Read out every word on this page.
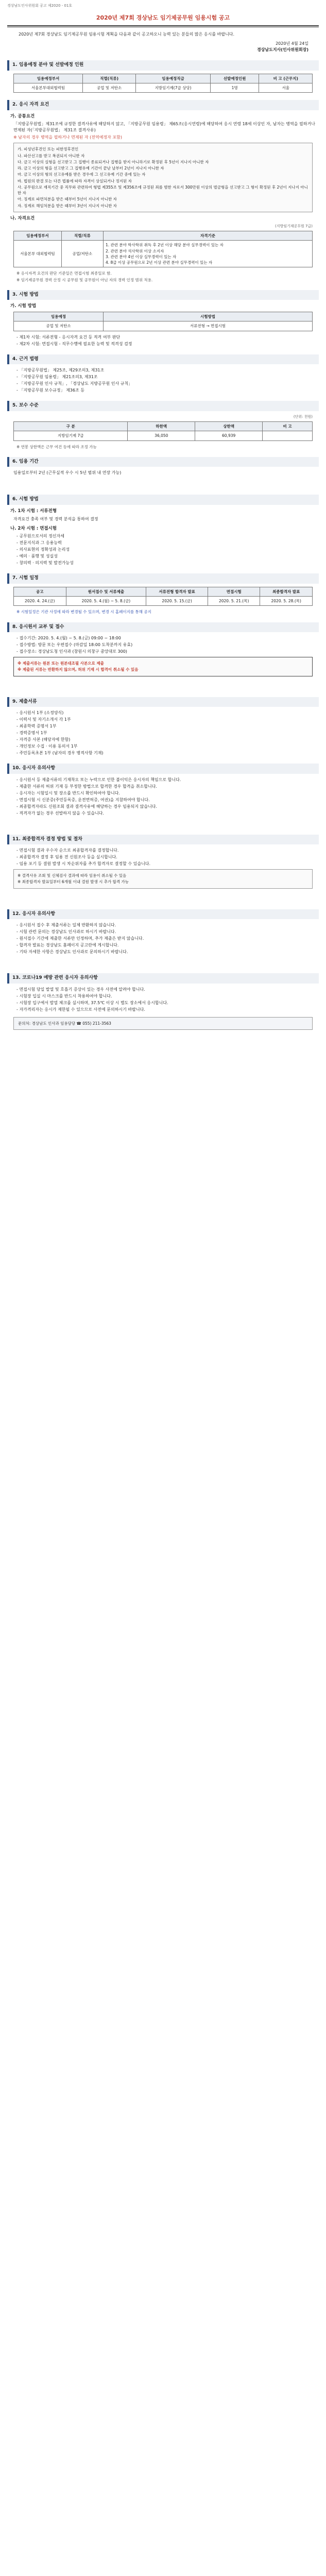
경상남도인사위원회 공고 제2020 - 01호
2020년 제7회 경상남도 임기제공무원 임용시험 공고

2020년 제7회 경상남도 임기제공무원 임용시험 계획을 다음과 같이 공고하오니 능력 있는 분들의 많은 응시를 바랍니다.

2020년 4월 24일
경상남도지사(인사위원회장)
1. 임용예정 분야 및 선발예정 인원
임용예정부서	직렬(직류)	임용예정직급	선발예정인원	비 고 (근무지)
서울본부대외협력팀	공업 및 저탄소	지방임기제(7급 상당)	1명	서울
2. 응시 자격 요건
가. 공통요건

「지방공무원법」제31조에 규정한 결격사유에 해당하지 않고, 「지방공무원 임용령」 제65조(응시연령)에 해당하여 응시 연령 18세 이상인 자, 남자는 병역을 필하거나 면제된 자(「지방공무원법」 제31조 결격사유)

※ 남자의 경우 병역을 필하거나 면제된 자 (전역예정자 포함)

가. 피성년후견인 또는 피한정후견인
나. 파산선고를 받고 복권되지 아니한 자
다. 금고 이상의 실형을 선고받고 그 집행이 종료되거나 집행을 받지 아니하기로 확정된 후 5년이 지나지 아니한 자
라. 금고 이상의 형을 선고받고 그 집행유예 기간이 끝난 날부터 2년이 지나지 아니한 자
마. 금고 이상의 형의 선고유예를 받은 경우에 그 선고유예 기간 중에 있는 자
바. 법원의 판결 또는 다른 법률에 따라 자격이 상실되거나 정지된 자
사. 공무원으로 재직기간 중 직무와 관련하여 형법 제355조 및 제356조에 규정된 죄를 범한 자로서 300만원 이상의 벌금형을 선고받고 그 형이 확정된 후 2년이 지나지 아니한 자
아. 징계로 파면처분을 받은 때부터 5년이 지나지 아니한 자
자. 징계로 해임처분을 받은 때부터 3년이 지나지 아니한 자
나. 자격요건
(지방임기제공무원 7급)
임용예정부서	직렬/직류	자격기준
서울본부 대외협력팀	공업/저탄소	1. 관련 분야 학사학위 취득 후 2년 이상 해당 분야 실무경력이 있는 자
2. 관련 분야 석사학위 이상 소지자
3. 관련 분야 4년 이상 실무경력이 있는 자
4. 8급 이상 공무원으로 2년 이상 관련 분야 실무경력이 있는 자
※ 응시자격 요건의 판단 기준일은 면접시험 최종일로 함.
※ 임기제공무원 경력 산정 시 공무원 및 공무원이 아닌 자의 경력 인정 범위 적용.
3. 시험 방법
가. 시험 방법
임용예정	시험방법
공업 및 저탄소	서류전형 → 면접시험
- 제1차 시험: 서류전형 - 응시자격 요건 등 적격 여부 판단
- 제2차 시험: 면접시험 - 직무수행에 필요한 능력 및 적격성 검정
4. 근거 법령
- 「지방공무원법」 제25조, 제29조의3, 제31조
- 「지방공무원 임용령」 제21조의3, 제31조
- 「지방공무원 인사 규칙」, 「경상남도 지방공무원 인사 규칙」
- 「지방공무원 보수규정」 제36조 등
5. 보수 수준
(단위: 천원)
구 분	하한액	상한액	비 고
지방임기제 7급	36,050	60,939	
※ 연봉 상한액은 근무 여건 등에 따라 조정 가능
6. 임용 기간

임용일로부터 2년 (근무실적 우수 시 5년 범위 내 연장 가능)

6. 시험 방법
가. 1차 시험 : 서류전형

자격요건 충족 여부 및 경력 분석을 통하여 결정

나. 2차 시험 : 면접시험
- 공무원으로서의 정신자세
- 전문지식과 그 응용능력
- 의사표현의 정확성과 논리성
- 예의 · 품행 및 성실성
- 창의력 · 의지력 및 발전가능성
7. 시험 일정
공고	원서접수 및 서류제출	서류전형 합격자 발표	면접시험	최종합격자 발표
2020. 4. 24.(금)	2020. 5. 4.(월) ~ 5. 8.(금)	2020. 5. 15.(금)	2020. 5. 21.(목)	2020. 5. 28.(목)
※ 시험일정은 기관 사정에 따라 변경될 수 있으며, 변경 시 홈페이지를 통해 공지
8. 응시원서 교부 및 접수
- 접수기간: 2020. 5. 4.(월) ~ 5. 8.(금) 09:00 ~ 18:00
- 접수방법: 방문 또는 우편접수 (마감일 18:00 도착분까지 유효)
- 접수장소: 경상남도청 인사과 (창원시 의창구 중앙대로 300)
※ 제출서류는 원본 또는 원본대조필 사본으로 제출
※ 제출된 서류는 반환하지 않으며, 허위 기재 시 합격이 취소될 수 있음
9. 제출서류
- 응시원서 1부 (소정양식)
- 이력서 및 자기소개서 각 1부
- 최종학력 증명서 1부
- 경력증명서 1부
- 자격증 사본 (해당자에 한함)
- 개인정보 수집 · 이용 동의서 1부
- 주민등록초본 1부 (남자의 경우 병적사항 기재)
10. 응시자 유의사항
- 응시원서 등 제출서류의 기재착오 또는 누락으로 인한 불이익은 응시자의 책임으로 합니다.
- 제출한 서류의 허위 기재 등 부정한 방법으로 합격한 경우 합격을 취소합니다.
- 응시자는 시험일시 및 장소를 반드시 확인하여야 합니다.
- 면접시험 시 신분증(주민등록증, 운전면허증, 여권)을 지참하여야 합니다.
- 최종합격자라도 신원조회 결과 결격사유에 해당하는 경우 임용되지 않습니다.
- 적격자가 없는 경우 선발하지 않을 수 있습니다.
11. 최종합격자 결정 방법 및 절차
- 면접시험 결과 우수자 순으로 최종합격자를 결정합니다.
- 최종합격자 결정 후 임용 전 신원조사 등을 실시합니다.
- 임용 포기 등 결원 발생 시 차순위자를 추가 합격자로 결정할 수 있습니다.
※ 결격사유 조회 및 신체검사 결과에 따라 임용이 취소될 수 있음
※ 최종합격자 발표일부터 6개월 이내 결원 발생 시 추가 합격 가능
12. 응시자 유의사항
- 응시원서 접수 후 제출서류는 일체 반환하지 않습니다.
- 시험 관련 문의는 경상남도 인사과로 하시기 바랍니다.
- 원서접수 기간에 제출한 서류만 인정하며, 추가 제출은 받지 않습니다.
- 합격자 발표는 경상남도 홈페이지 공고란에 게시합니다.
- 기타 자세한 사항은 경상남도 인사과로 문의하시기 바랍니다.
13. 코로나19 예방 관련 응시자 유의사항
- 면접시험 당일 발열 및 호흡기 증상이 있는 경우 사전에 알려야 합니다.
- 시험장 입실 시 마스크를 반드시 착용하여야 합니다.
- 시험장 입구에서 발열 체크를 실시하며, 37.5℃ 이상 시 별도 장소에서 응시합니다.
- 자가격리자는 응시가 제한될 수 있으므로 사전에 문의하시기 바랍니다.
문의처: 경상남도 인사과 임용담당 ☎ 055) 211-3563
